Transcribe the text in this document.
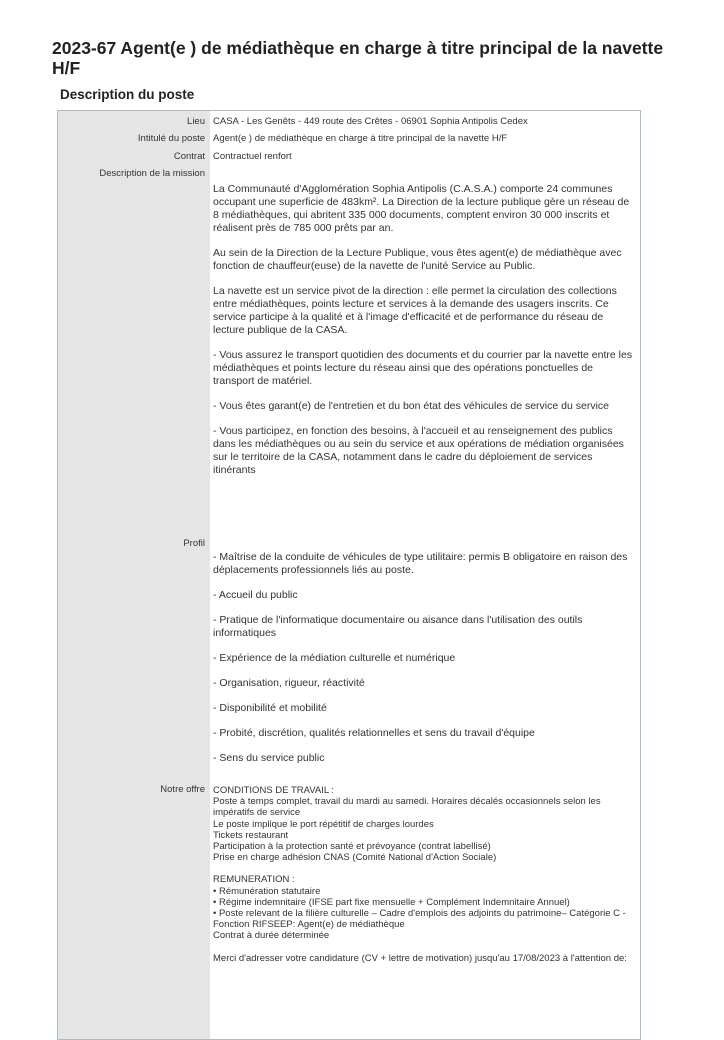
2023-67 Agent(e ) de médiathèque en charge à titre principal de la navette H/F
Description du poste
Lieu CASA - Les Genêts - 449 route des Crêtes - 06901 Sophia Antipolis Cedex
Intitulé du poste Agent(e ) de médiathèque en charge à titre principal de la navette H/F
Contrat Contractuel renfort
Description de la mission

La Communauté d'Agglomération Sophia Antipolis (C.A.S.A.) comporte 24 communes occupant une superficie de 483km². La Direction de la lecture publique gère un réseau de 8 médiathèques, qui abritent 335 000 documents, comptent environ 30 000 inscrits et réalisent près de 785 000 prêts par an.

Au sein de la Direction de la Lecture Publique, vous êtes agent(e) de médiathèque avec fonction de chauffeur(euse) de la navette de l'unité Service au Public.

La navette est un service pivot de la direction : elle permet la circulation des collections entre médiathèques, points lecture et services à la demande des usagers inscrits. Ce service participe à la qualité et à l'image d'efficacité et de performance du réseau de lecture publique de la CASA.

- Vous assurez le transport quotidien des documents et du courrier par la navette entre les médiathèques et points lecture du réseau ainsi que des opérations ponctuelles de transport de matériel.

- Vous êtes garant(e) de l'entretien et du bon état des véhicules de service du service

- Vous participez, en fonction des besoins, à l'accueil et au renseignement des publics dans les médiathèques ou au sein du service et aux opérations de médiation organisées sur le territoire de la CASA, notamment dans le cadre du déploiement de services itinérants

Profil

- Maîtrise de la conduite de véhicules de type utilitaire: permis B obligatoire en raison des déplacements professionnels liés au poste.

- Accueil du public

- Pratique de l'informatique documentaire ou aisance dans l'utilisation des outils informatiques

- Expérience de la médiation culturelle et numérique

- Organisation, rigueur, réactivité

- Disponibilité et mobilité

- Probité, discrétion, qualités relationnelles et sens du travail d'équipe

- Sens du service public

Notre offre CONDITIONS DE TRAVAIL :
Poste à temps complet, travail du mardi au samedi. Horaires décalés occasionnels selon les impératifs de service
Le poste implique le port répétitif de charges lourdes
Tickets restaurant
Participation à la protection santé et prévoyance (contrat labellisé)
Prise en charge adhésion CNAS (Comité National d'Action Sociale)

REMUNERATION :
• Rémunération statutaire
• Régime indemnitaire (IFSE part fixe mensuelle + Complément Indemnitaire Annuel)
• Poste relevant de la filière culturelle – Cadre d'emplois des adjoints du patrimoine– Catégorie C - Fonction RIFSEEP: Agent(e) de médiathèque
Contrat à durée déterminée

Merci d'adresser votre candidature (CV + lettre de motivation) jusqu'au 17/08/2023 à l'attention de:
